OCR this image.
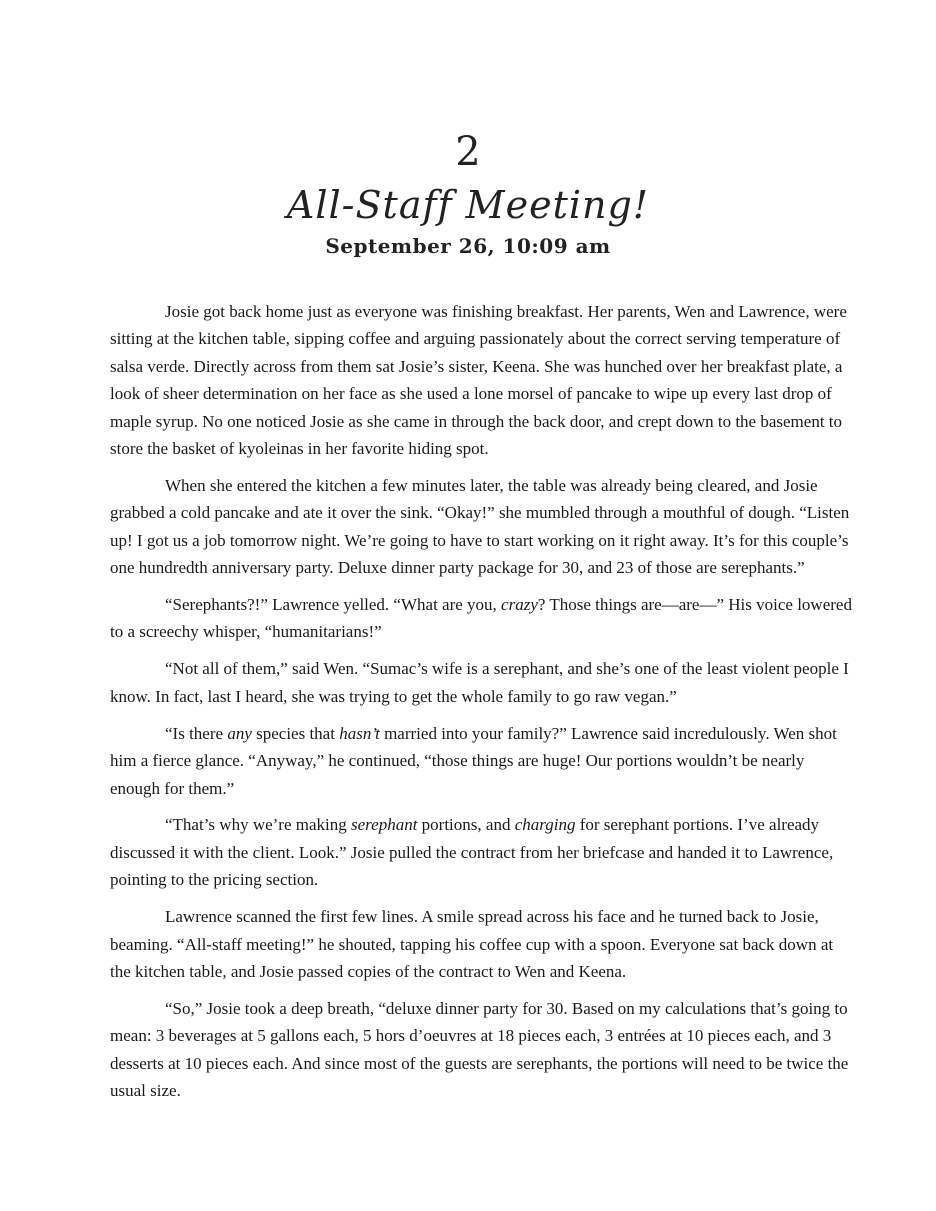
2
All-Staff Meeting!
September 26, 10:09 am

Josie got back home just as everyone was finishing breakfast. Her parents, Wen and Lawrence, were sitting at the kitchen table, sipping coffee and arguing passionately about the correct serving temperature of salsa verde. Directly across from them sat Josie’s sister, Keena. She was hunched over her breakfast plate, a look of sheer determination on her face as she used a lone morsel of pancake to wipe up every last drop of maple syrup. No one noticed Josie as she came in through the back door, and crept down to the basement to store the basket of kyoleinas in her favorite hiding spot.

When she entered the kitchen a few minutes later, the table was already being cleared, and Josie grabbed a cold pancake and ate it over the sink. “Okay!” she mumbled through a mouthful of dough. “Listen up! I got us a job tomorrow night. We’re going to have to start working on it right away. It’s for this couple’s one hundredth anniversary party. Deluxe dinner party package for 30, and 23 of those are serephants.”

“Serephants?!” Lawrence yelled. “What are you, crazy? Those things are—are—” His voice lowered to a screechy whisper, “humanitarians!”

“Not all of them,” said Wen. “Sumac’s wife is a serephant, and she’s one of the least violent people I know. In fact, last I heard, she was trying to get the whole family to go raw vegan.”

“Is there any species that hasn’t married into your family?” Lawrence said incredulously. Wen shot him a fierce glance. “Anyway,” he continued, “those things are huge! Our portions wouldn’t be nearly enough for them.”

“That’s why we’re making serephant portions, and charging for serephant portions. I’ve already discussed it with the client. Look.” Josie pulled the contract from her briefcase and handed it to Lawrence, pointing to the pricing section.

Lawrence scanned the first few lines. A smile spread across his face and he turned back to Josie, beaming. “All-staff meeting!” he shouted, tapping his coffee cup with a spoon. Everyone sat back down at the kitchen table, and Josie passed copies of the contract to Wen and Keena.

“So,” Josie took a deep breath, “deluxe dinner party for 30. Based on my calculations that’s going to mean: 3 beverages at 5 gallons each, 5 hors d’oeuvres at 18 pieces each, 3 entrées at 10 pieces each, and 3 desserts at 10 pieces each. And since most of the guests are serephants, the portions will need to be twice the usual size.
